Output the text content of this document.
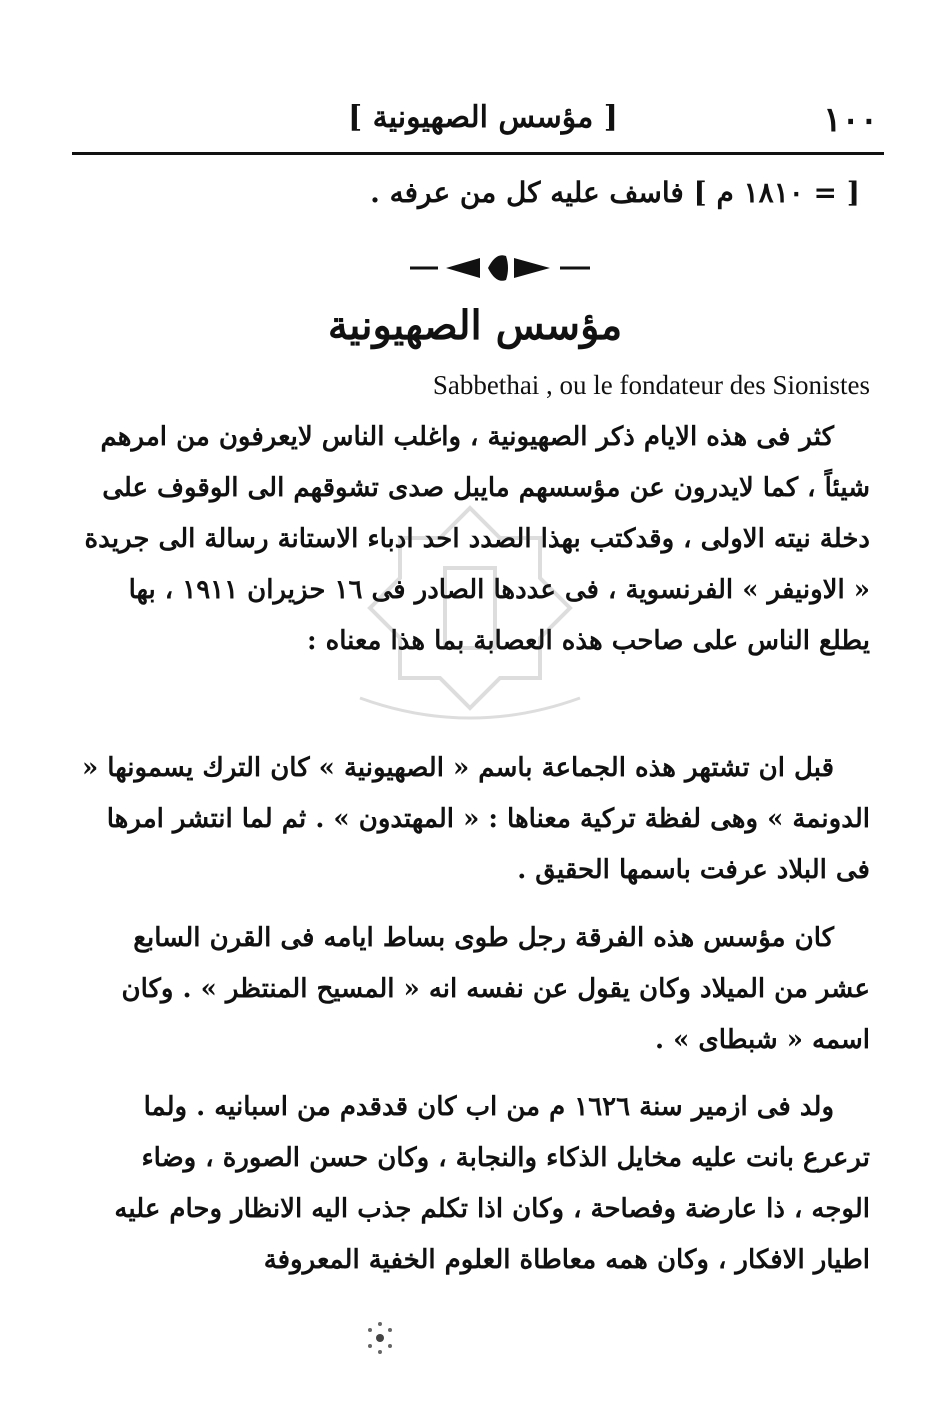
١٠٠
[ مؤسس الصهيونية ]
[ = ١٨١٠ م ] فاسف عليه كل من عرفه .
مؤسس الصهيونية
Sabbethai , ou le fondateur des Sionistes

كثر فى هذه الايام ذكر الصهيونية ، واغلب الناس لايعرفون من امرهم شيئاً ، كما لايدرون عن مؤسسهم مايبل صدى تشوقهم الى الوقوف على دخلة نيته الاولى ، وقدكتب بهذا الصدد احد ادباء الاستانة رسالة الى جريدة « الاونيفر » الفرنسوية ، فى عددها الصادر فى ١٦ حزيران ١٩١١ ، بها يطلع الناس على صاحب هذه العصابة بما هذا معناه :

قبل ان تشتهر هذه الجماعة باسم « الصهيونية » كان الترك يسمونها « الدونمة » وهى لفظة تركية معناها : « المهتدون » . ثم لما انتشر امرها فى البلاد عرفت باسمها الحقيق .

كان مؤسس هذه الفرقة رجل طوى بساط ايامه فى القرن السابع عشر من الميلاد وكان يقول عن نفسه انه « المسيح المنتظر » . وكان اسمه « شبطاى » .

ولد فى ازمير سنة ١٦٢٦ م من اب كان قدقدم من اسبانيه . ولما ترعرع بانت عليه مخايل الذكاء والنجابة ، وكان حسن الصورة ، وضاء الوجه ، ذا عارضة وفصاحة ، وكان اذا تكلم جذب اليه الانظار وحام عليه اطيار الافكار ، وكان همه معاطاة العلوم الخفية المعروفة
